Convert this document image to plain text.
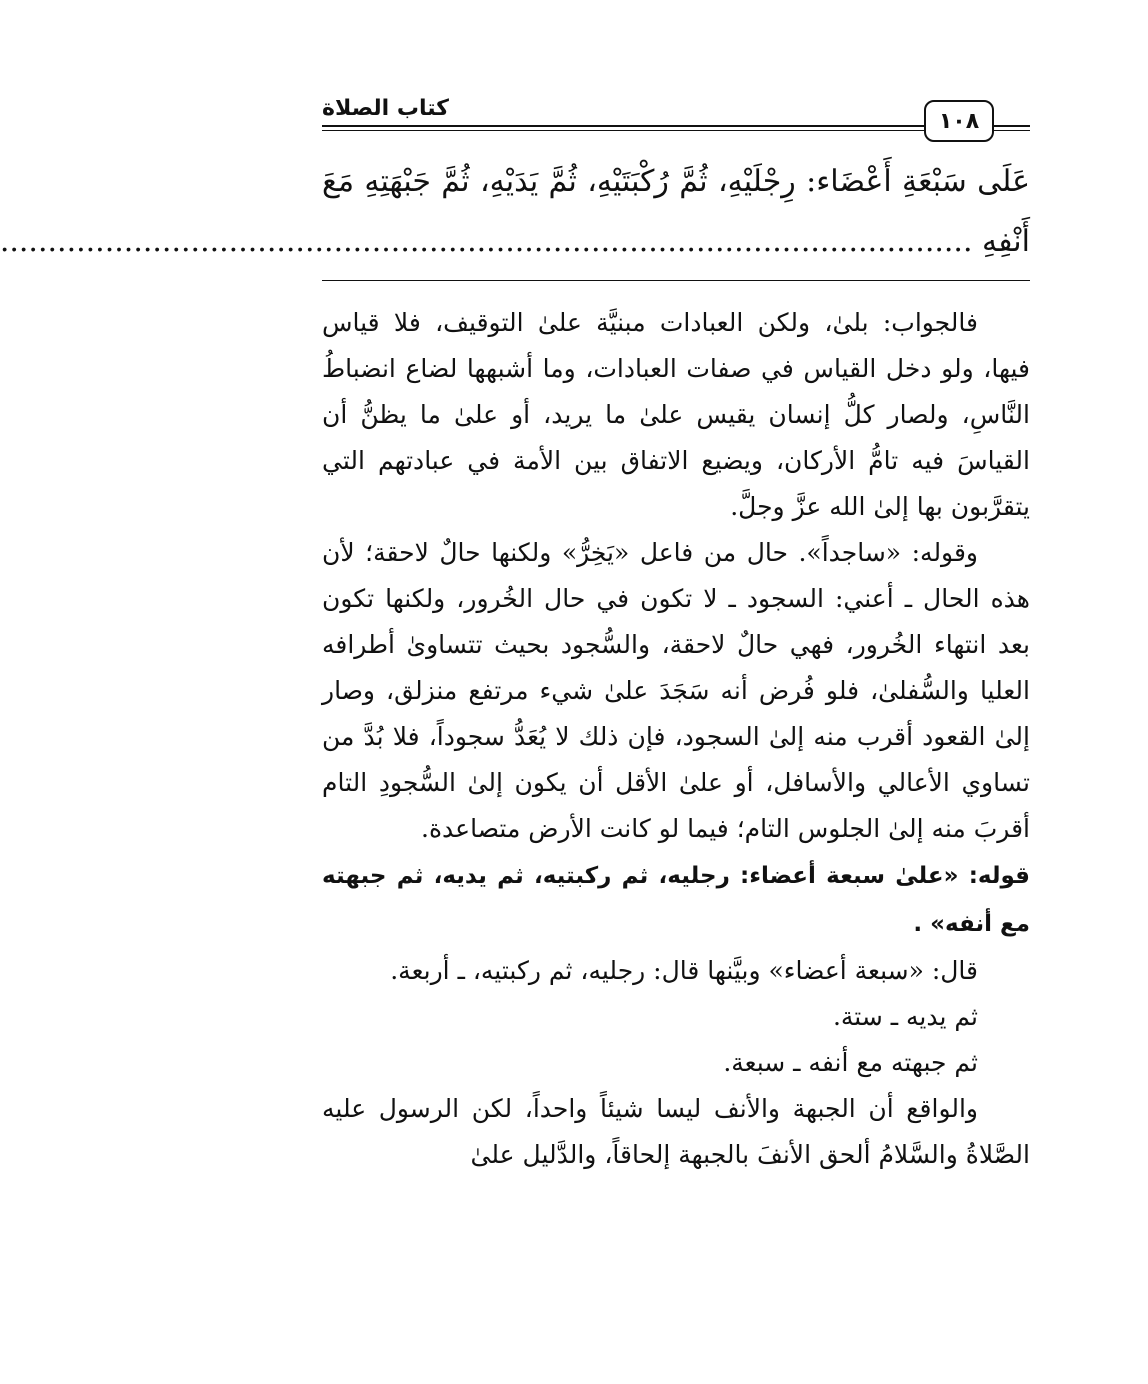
١٠٨
كتاب الصلاة

عَلَى سَبْعَةِ أَعْضَاء: رِجْلَيْهِ، ثُمَّ رُكْبَتَيْهِ، ثُمَّ يَدَيْهِ، ثُمَّ جَبْهَتِهِ مَعَ أَنْفِهِ ......................................................................................................

فالجواب: بلىٰ، ولكن العبادات مبنيَّة علىٰ التوقيف، فلا قياس فيها، ولو دخل القياس في صفات العبادات، وما أشبهها لضاع انضباطُ النَّاسِ، ولصار كلُّ إنسان يقيس علىٰ ما يريد، أو علىٰ ما يظنُّ أن القياسَ فيه تامُّ الأركان، ويضيع الاتفاق بين الأمة في عبادتهم التي يتقرَّبون بها إلىٰ الله عزَّ وجلَّ.

وقوله: «ساجداً». حال من فاعل «يَخِرُّ» ولكنها حالٌ لاحقة؛ لأن هذه الحال ـ أعني: السجود ـ لا تكون في حال الخُرور، ولكنها تكون بعد انتهاء الخُرور، فهي حالٌ لاحقة، والسُّجود بحيث تتساوىٰ أطرافه العليا والسُّفلىٰ، فلو فُرض أنه سَجَدَ علىٰ شيء مرتفع منزلق، وصار إلىٰ القعود أقرب منه إلىٰ السجود، فإن ذلك لا يُعَدُّ سجوداً، فلا بُدَّ من تساوي الأعالي والأسافل، أو علىٰ الأقل أن يكون إلىٰ السُّجودِ التام أقربَ منه إلىٰ الجلوس التام؛ فيما لو كانت الأرض متصاعدة.

قوله: «علىٰ سبعة أعضاء: رجليه، ثم ركبتيه، ثم يديه، ثم جبهته مع أنفه» .

قال: «سبعة أعضاء» وبيَّنها قال: رجليه، ثم ركبتيه، ـ أربعة.

ثم يديه ـ ستة.

ثم جبهته مع أنفه ـ سبعة.

والواقع أن الجبهة والأنف ليسا شيئاً واحداً، لكن الرسول عليه الصَّلاةُ والسَّلامُ ألحق الأنفَ بالجبهة إلحاقاً، والدَّليل علىٰ
